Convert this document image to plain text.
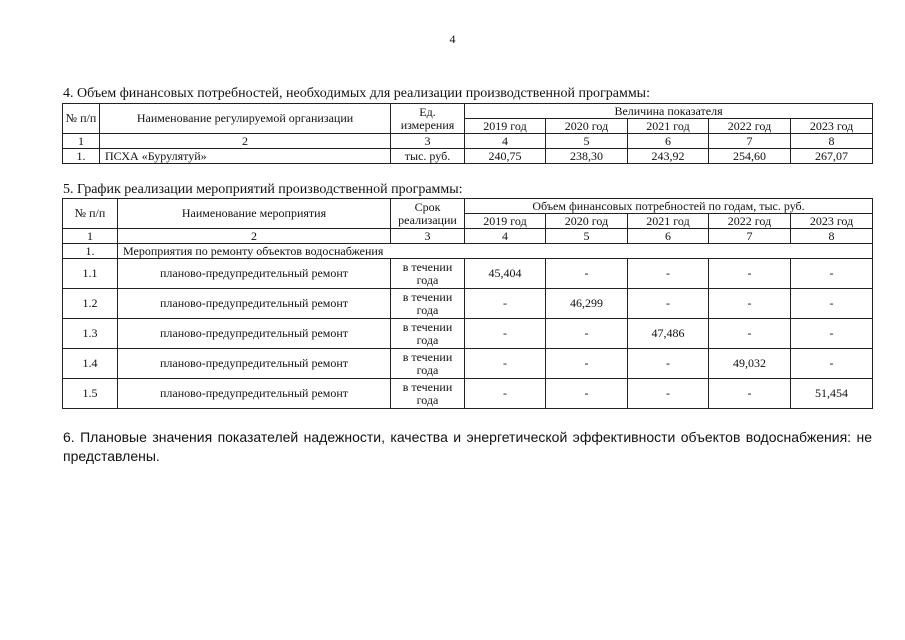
4
4. Объем финансовых потребностей, необходимых для реализации производственной программы:
№ п/п	Наименование регулируемой организации	Ед. измерения	Величина показателя				
			2019 год	2020 год	2021 год	2022 год	2023 год
1	2	3	4	5	6	7	8
1.	ПСХА «Бурулятуй»	тыс. руб.	240,75	238,30	243,92	254,60	267,07
5. График реализации мероприятий производственной программы:
№ п/п	Наименование мероприятия	Срок реализации	Объем финансовых потребностей по годам, тыс. руб.				
			2019 год	2020 год	2021 год	2022 год	2023 год
1	2	3	4	5	6	7	8
1.	Мероприятия по ремонту объектов водоснабжения						
1.1	планово-предупредительный ремонт	в течении года	45,404	-	-	-	-
1.2	планово-предупредительный ремонт	в течении года	-	46,299	-	-	-
1.3	планово-предупредительный ремонт	в течении года	-	-	47,486	-	-
1.4	планово-предупредительный ремонт	в течении года	-	-	-	49,032	-
1.5	планово-предупредительный ремонт	в течении года	-	-	-	-	51,454
6. Плановые значения показателей надежности, качества и энергетической эффективности объектов водоснабжения: не представлены.
